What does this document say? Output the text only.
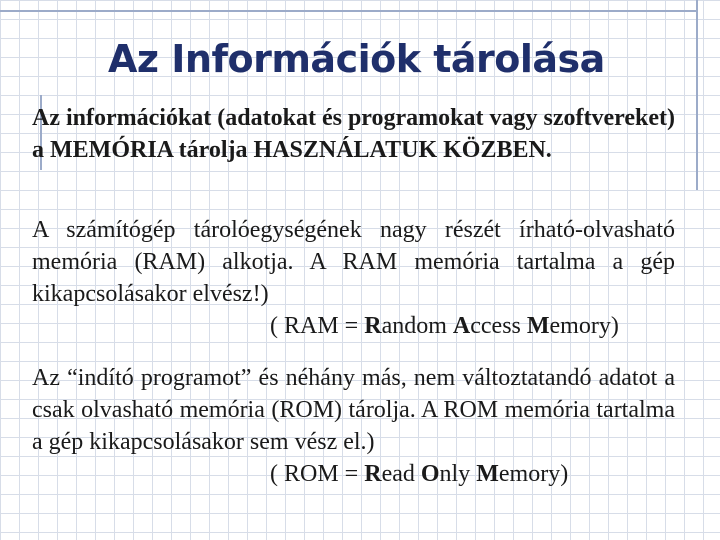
Az Információk tárolása

Az információkat (adatokat és programokat vagy szoftvereket) a MEMÓRIA tárolja HASZNÁLATUK KÖZBEN.

A számítógép tárolóegységének nagy részét írható-olvasható memória (RAM) alkotja. A RAM memória tartalma a gép kikapcsolásakor elvész!)
( RAM = Random Access Memory)
Az “indító programot” és néhány más, nem változtatandó adatot a csak olvasható memória (ROM) tárolja. A ROM memória tartalma a gép kikapcsolásakor sem vész el.)
( ROM = Read Only Memory)
